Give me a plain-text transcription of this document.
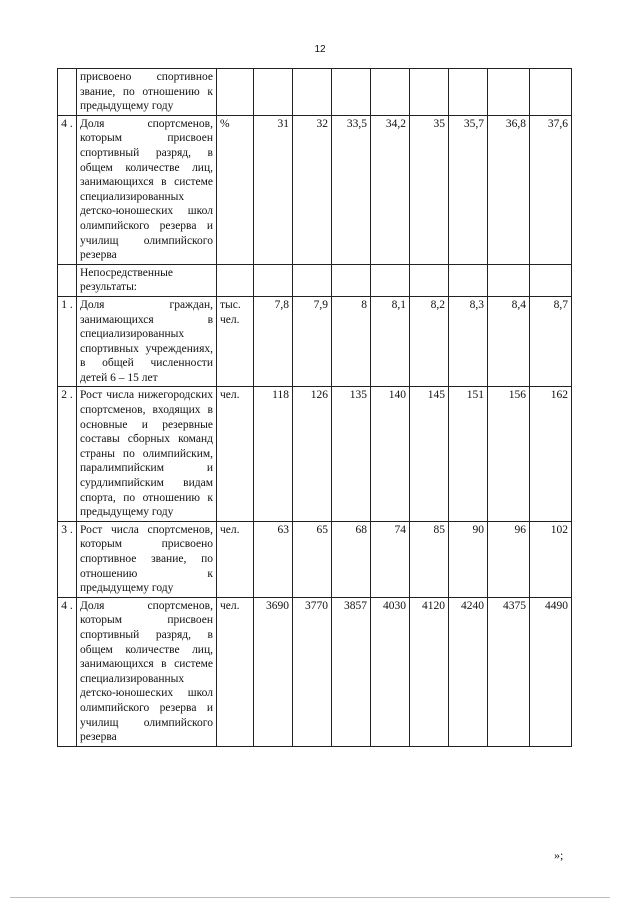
12
	присвоено спортивное звание, по отношению к предыдущему году									
4 .	Доля спортсменов, которым присвоен спортивный разряд, в общем количестве лиц, занимающихся в системе специализированных детско-юношеских школ олимпийского резерва и училищ олимпийского резерва	%	31	32	33,5	34,2	35	35,7	36,8	37,6
	Непосредственные результаты:									
1 .	Доля граждан, занимающихся в специализированных спортивных учреждениях, в общей численности детей 6 – 15 лет	тыс. чел.	7,8	7,9	8	8,1	8,2	8,3	8,4	8,7
2 .	Рост числа нижегородских спортсменов, входящих в основные и резервные составы сборных команд страны по олимпийским, паралимпийским и сурдлимпийским видам спорта, по отношению к предыдущему году	чел.	118	126	135	140	145	151	156	162
3 .	Рост числа спортсменов, которым присвоено спортивное звание, по отношению к предыдущему году	чел.	63	65	68	74	85	90	96	102
4 .	Доля спортсменов, которым присвоен спортивный разряд, в общем количестве лиц, занимающихся в системе специализированных детско-юношеских школ олимпийского резерва и училищ олимпийского резерва	чел.	3690	3770	3857	4030	4120	4240	4375	4490
»;
